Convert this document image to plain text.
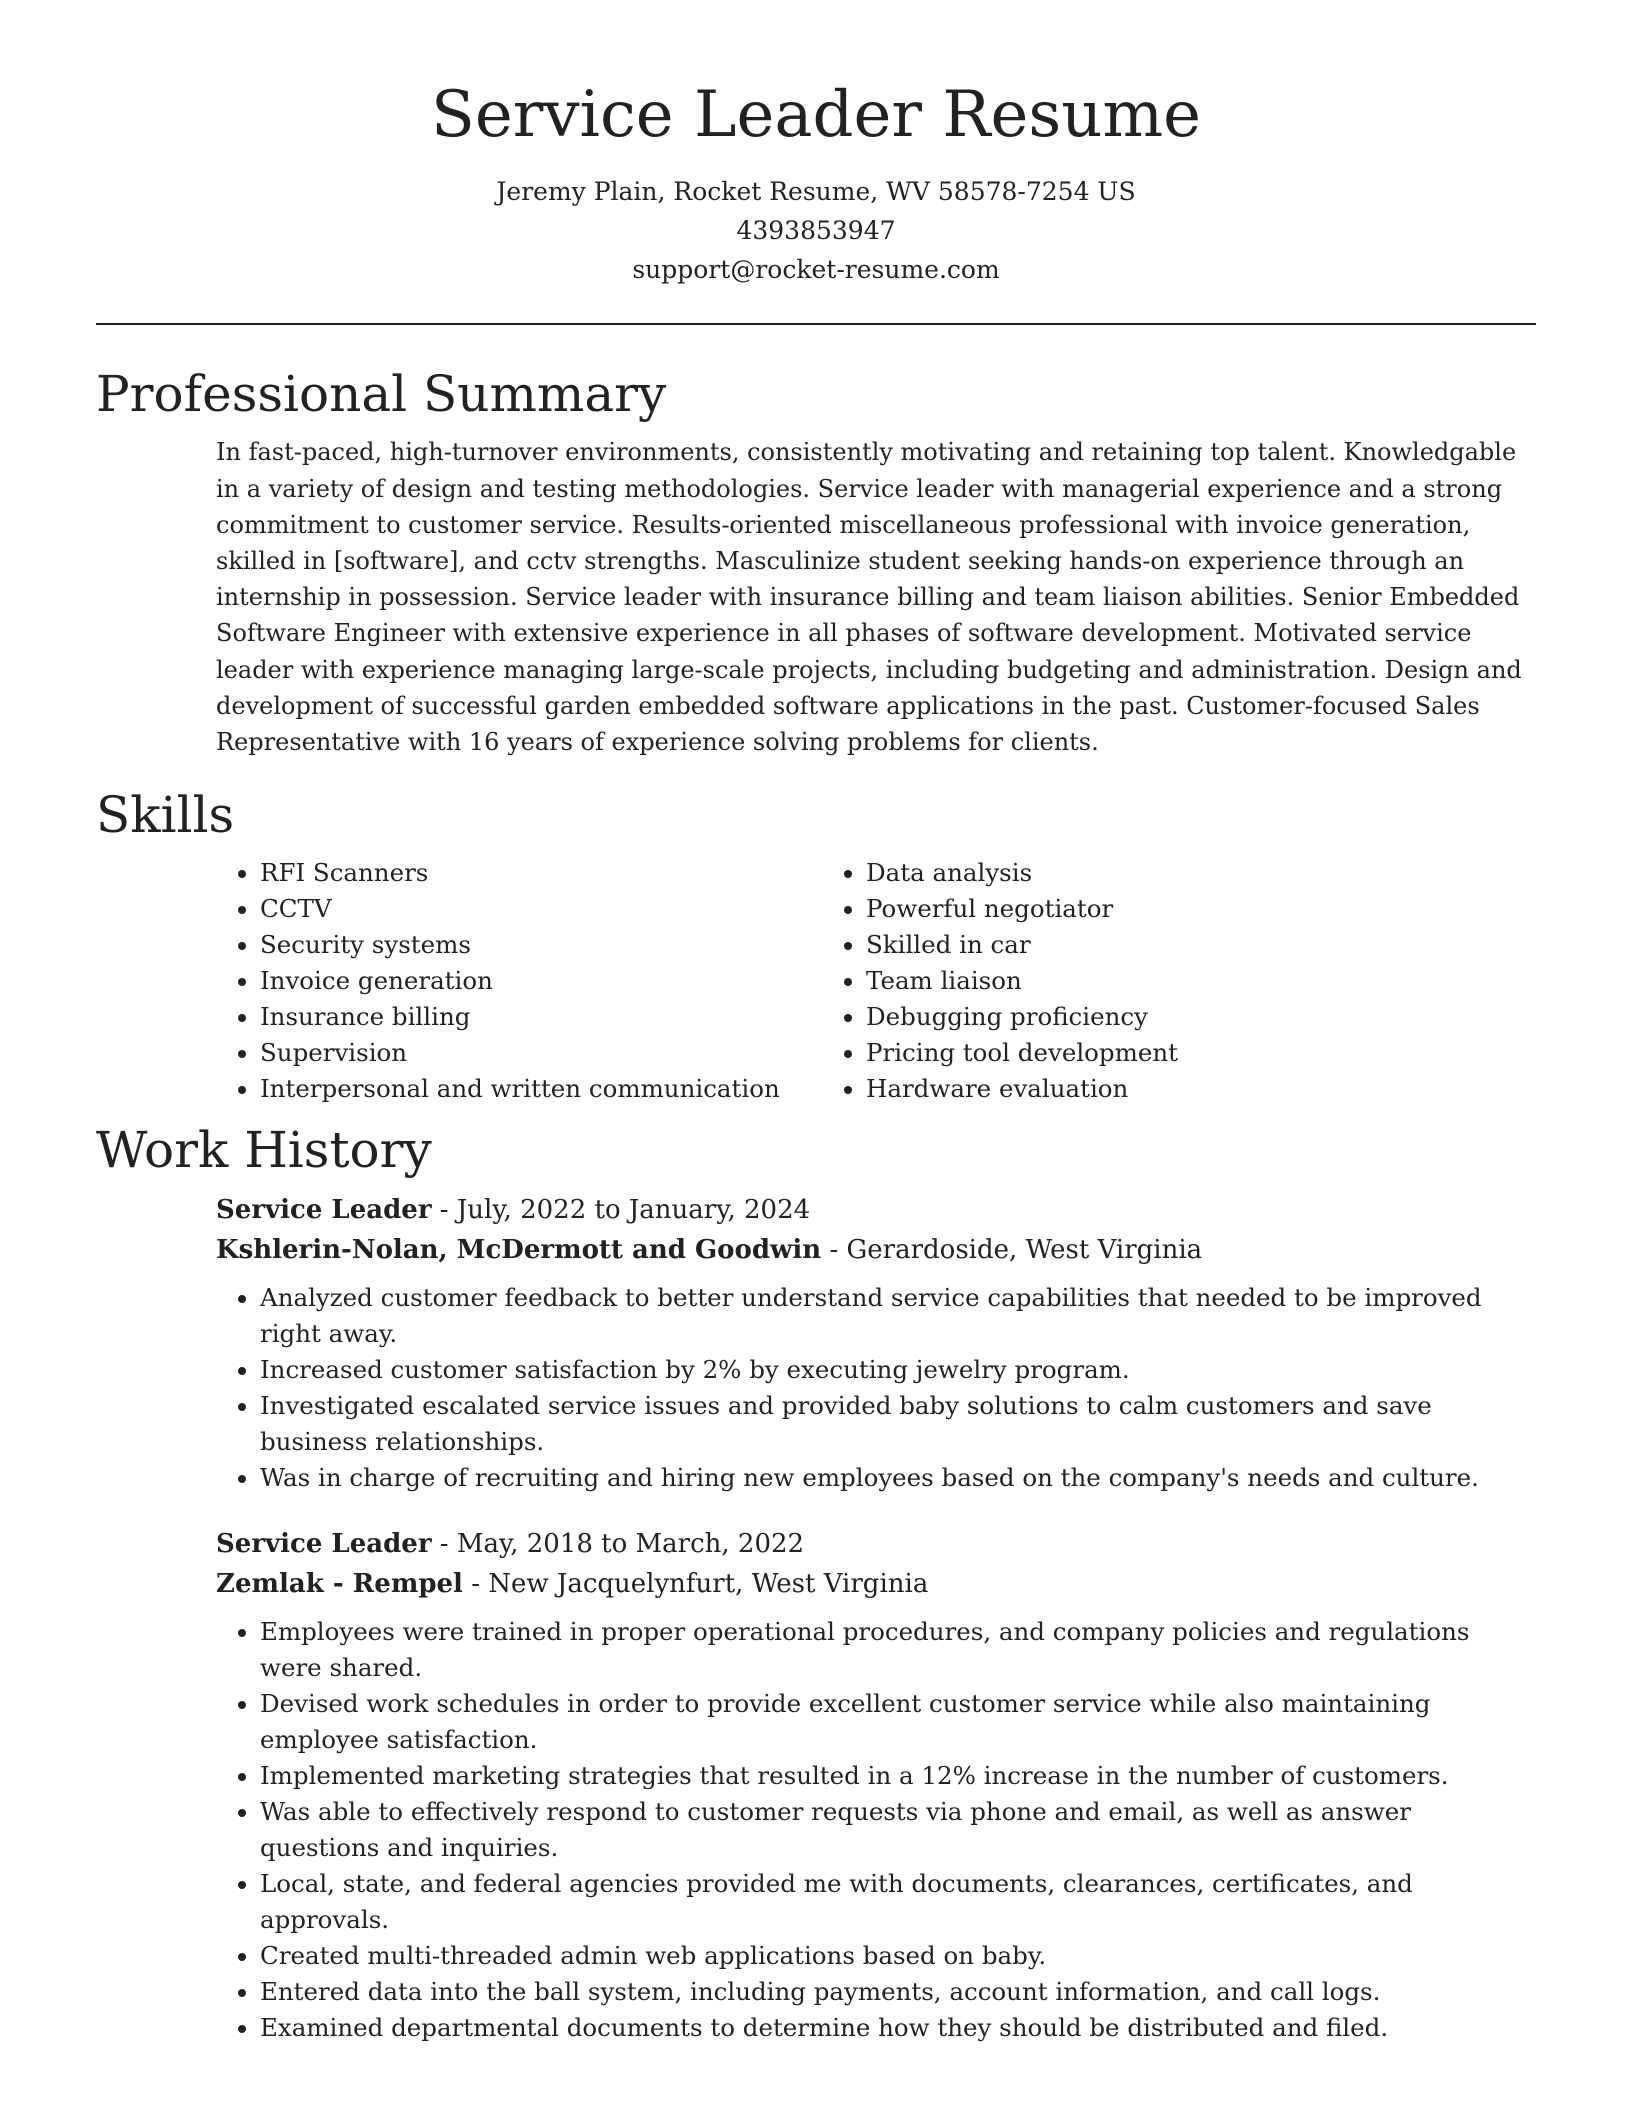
Service Leader Resume

Jeremy Plain, Rocket Resume, WV 58578-7254 US

4393853947

support@rocket-resume.com

Professional Summary

In fast-paced, high-turnover environments, consistently motivating and retaining top talent. Knowledgable in a variety of design and testing methodologies. Service leader with managerial experience and a strong commitment to customer service. Results-oriented miscellaneous professional with invoice generation, skilled in [software], and cctv strengths. Masculinize student seeking hands-on experience through an internship in possession. Service leader with insurance billing and team liaison abilities. Senior Embedded Software Engineer with extensive experience in all phases of software development. Motivated service leader with experience managing large-scale projects, including budgeting and administration. Design and development of successful garden embedded software applications in the past. Customer-focused Sales Representative with 16 years of experience solving problems for clients.

Skills
• RFI Scanners
• CCTV
• Security systems
• Invoice generation
• Insurance billing
• Supervision
• Interpersonal and written communication
• Data analysis
• Powerful negotiator
• Skilled in car
• Team liaison
• Debugging proficiency
• Pricing tool development
• Hardware evaluation
Work History

Service Leader - July, 2022 to January, 2024

Kshlerin-Nolan, McDermott and Goodwin - Gerardoside, West Virginia

• Analyzed customer feedback to better understand service capabilities that needed to be improved right away.
• Increased customer satisfaction by 2% by executing jewelry program.
• Investigated escalated service issues and provided baby solutions to calm customers and save business relationships.
• Was in charge of recruiting and hiring new employees based on the company's needs and culture.

Service Leader - May, 2018 to March, 2022

Zemlak - Rempel - New Jacquelynfurt, West Virginia

• Employees were trained in proper operational procedures, and company policies and regulations were shared.
• Devised work schedules in order to provide excellent customer service while also maintaining employee satisfaction.
• Implemented marketing strategies that resulted in a 12% increase in the number of customers.
• Was able to effectively respond to customer requests via phone and email, as well as answer questions and inquiries.
• Local, state, and federal agencies provided me with documents, clearances, certificates, and approvals.
• Created multi-threaded admin web applications based on baby.
• Entered data into the ball system, including payments, account information, and call logs.
• Examined departmental documents to determine how they should be distributed and filed.
